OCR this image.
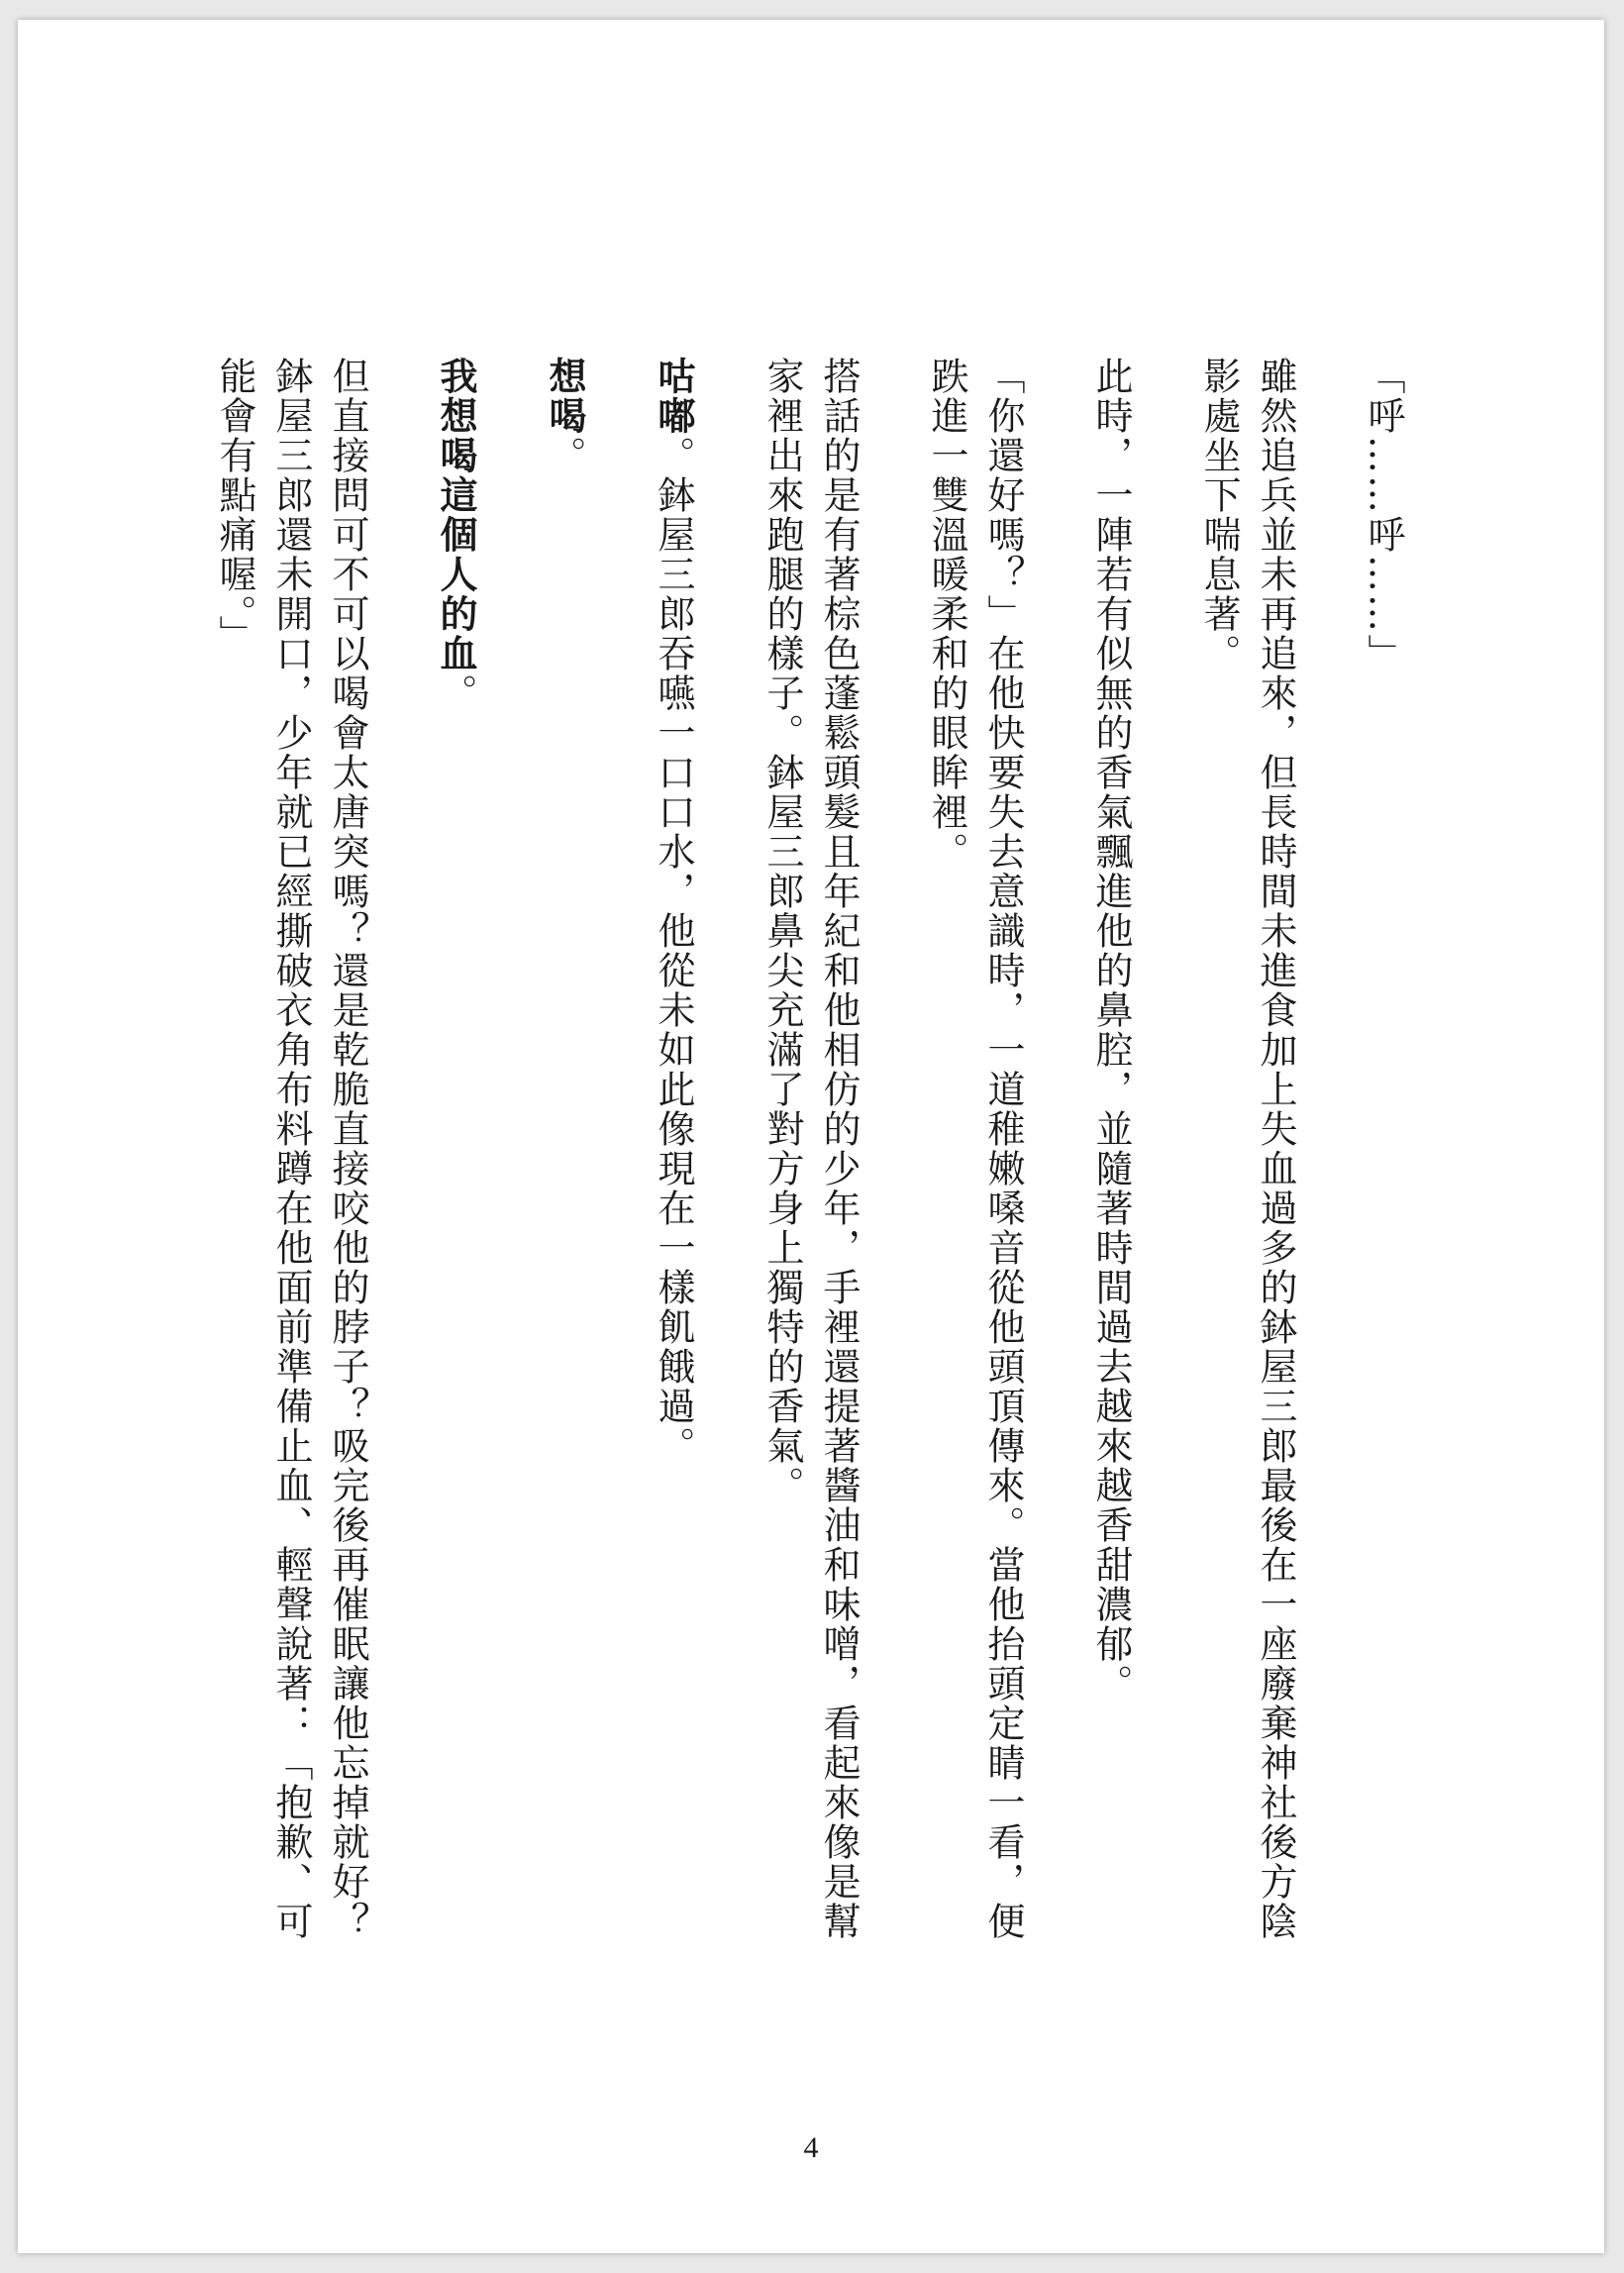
「呼……呼……」

雖然追兵並未再追來，但長時間未進食加上失血過多的鉢屋三郎最後在一座廢棄神社後方陰影處坐下喘息著。

此時，一陣若有似無的香氣飄進他的鼻腔，並隨著時間過去越來越香甜濃郁。

「你還好嗎？」在他快要失去意識時，一道稚嫩嗓音從他頭頂傳來。當他抬頭定睛一看，便跌進一雙溫暖柔和的眼眸裡。

搭話的是有著棕色蓬鬆頭髮且年紀和他相仿的少年，手裡還提著醬油和味噌，看起來像是幫家裡出來跑腿的樣子。鉢屋三郎鼻尖充滿了對方身上獨特的香氣。

咕嘟。鉢屋三郎吞嚥一口口水，他從未如此像現在一樣飢餓過。

想喝。

我想喝這個人的血。

但直接問可不可以喝會太唐突嗎？還是乾脆直接咬他的脖子？吸完後再催眠讓他忘掉就好？鉢屋三郎還未開口，少年就已經撕破衣角布料蹲在他面前準備止血、輕聲說著：「抱歉、可能會有點痛喔。」

4
